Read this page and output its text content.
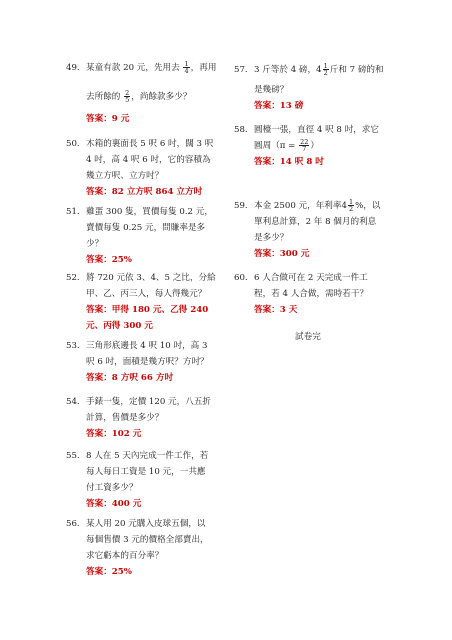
試卷完
49. 某童有款 20 元，先用去 $\frac{1}{4}$ ，再用
去所餘的 $\frac{2}{5}$ ，尚餘款多少？
答案：9 元
50. 木箱的裏面長 5 呎 6 吋，闊 3 呎
4 吋，高 4 呎 6 吋，它的容積為
幾立方呎、立方吋？
答案：82 立方呎 864 立方吋
51. 雞蛋 300 隻，買價每隻 0.2 元，
賣價每隻 0.25 元，問賺率是多
少？
答案：25%
52. 將 720 元依 3、4、5 之比，分給
甲、乙、丙三人，每人得幾元？
答案：甲得 180 元、乙得 240
元、丙得 300 元
53. 三角形底邊長 4 呎 10 吋，高 3
呎 6 吋，面積是幾方呎？方吋？
答案：8 方呎 66 方吋
54. 手錶一隻，定價 120 元，八五折
計算，售價是多少？
答案：102 元
55. 8 人在 5 天內完成一件工作，若
每人每日工資是 10 元，一共應
付工資多少？
答案：400 元
56. 某人用 20 元購入皮球五個，以
每個售價 3 元的價格全部賣出，
求它虧本的百分率？
答案：25%
57. 3 斤等於 4 磅，$4 \frac{1}{2}$ 斤和 7 磅的和
是幾磅？
答案：13 磅
58. 圓檯一張，直徑 4 呎 8 吋，求它
圓周（$\pi = \frac{22}{7}$ ）
答案：14 呎 8 吋
59. 本金 2500 元，年利率$4 \frac{1}{2}$ %，以
單利息計算，2 年 8 個月的利息
是多少？
答案：300 元
60. 6 人合做可在 2 天完成一件工
程，若 4 人合做，需時若干？
答案：3 天
